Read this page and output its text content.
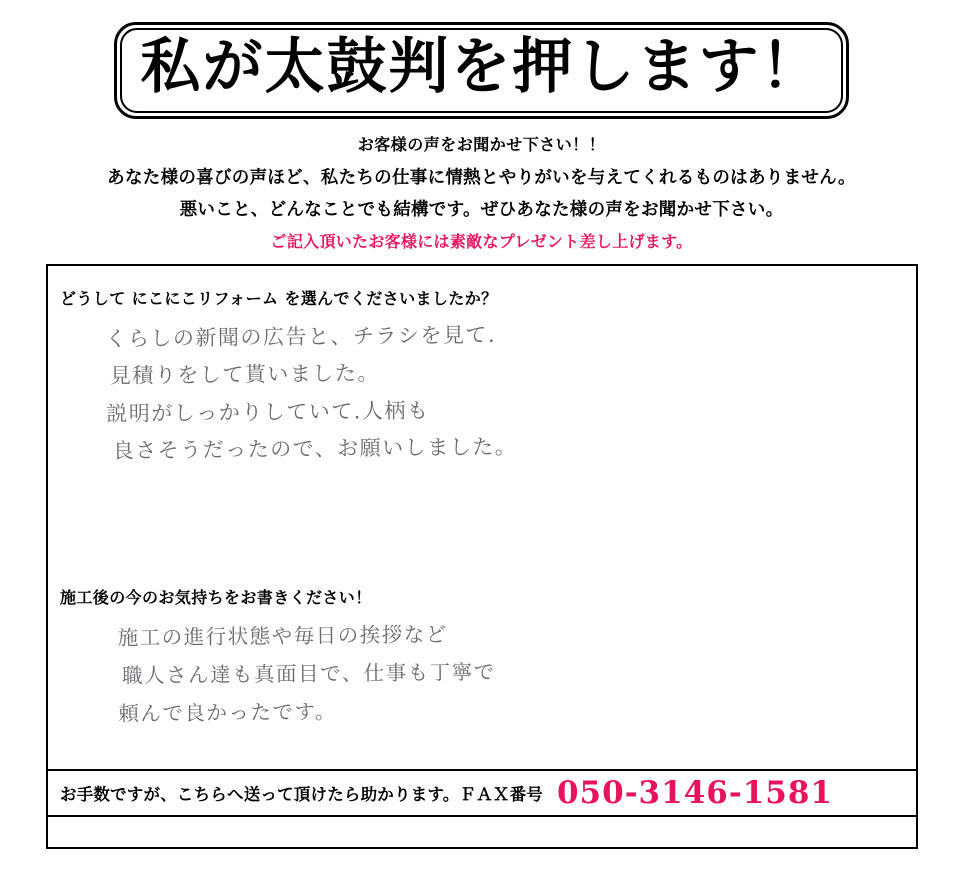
私が太鼓判を押します！
お客様の声をお聞かせ下さい！！
あなた様の喜びの声ほど、私たちの仕事に情熱とやりがいを与えてくれるものはありません。
悪いこと、どんなことでも結構です。ぜひあなた様の声をお聞かせ下さい。
ご記入頂いたお客様には素敵なプレゼント差し上げます。
どうして にこにこリフォーム を選んでくださいましたか？
くらしの新聞の広告と、チラシを見て.
見積りをして貰いました。
説明がしっかりしていて.人柄も
良さそうだったので、お願いしました。
施工後の今のお気持ちをお書きください！
施工の進行状態や毎日の挨拶など
職人さん達も真面目で、仕事も丁寧で
頼んで良かったです。
お手数ですが、こちらへ送って頂けたら助かります。ＦＡＸ番号 050-3146-1581
